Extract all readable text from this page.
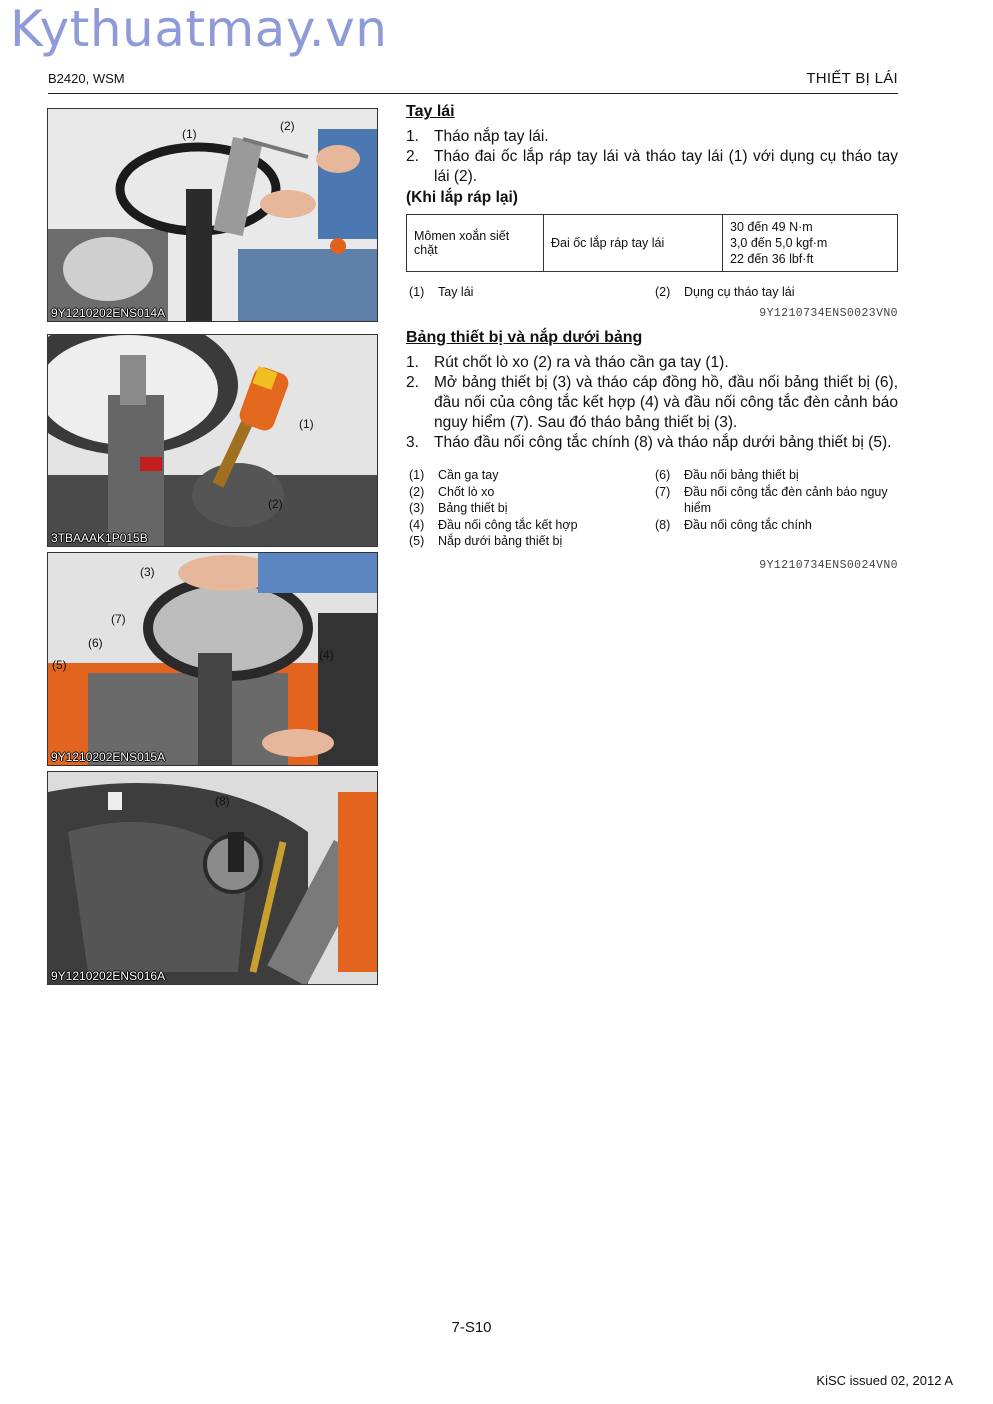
Kythuatmay.vn
B2420, WSM	THIẾT BỊ LÁI
(1)
(2)
9Y1210202ENS014A
(1)
(2)
3TBAAAK1P015B
(3)
(7)
(6)
(5)
(4)
9Y1210202ENS015A
(8)
9Y1210202ENS016A
Tay lái
1. Tháo nắp tay lái.
2. Tháo đai ốc lắp ráp tay lái và tháo tay lái (1) với dụng cụ tháo tay lái (2).
(Khi lắp ráp lại)
Mômen xoắn siết chặt	Đai ốc lắp ráp tay lái	
30 đến 49 N·m
3,0 đến 5,0 kgf·m
22 đến 36 lbf·ft
(1) Tay lái	(2) Dụng cụ tháo tay lái
9Y1210734ENS0023VN0
Bảng thiết bị và nắp dưới bảng
1. Rút chốt lò xo (2) ra và tháo cần ga tay (1).
2. Mở bảng thiết bị (3) và tháo cáp đồng hồ, đầu nối bảng thiết bị (6), đầu nối của công tắc kết hợp (4) và đầu nối công tắc đèn cảnh báo nguy hiểm (7). Sau đó tháo bảng thiết bị (3).
3. Tháo đầu nối công tắc chính (8) và tháo nắp dưới bảng thiết bị (5).
(1) Cần ga tay	(6) Đầu nối bảng thiết bị
(2) Chốt lò xo	(7) Đầu nối công tắc đèn cảnh báo nguy hiểm
(3) Bảng thiết bị
(4) Đầu nối công tắc kết hợp	(8) Đầu nối công tắc chính
(5) Nắp dưới bảng thiết bị
9Y1210734ENS0024VN0
7-S10
KiSC issued 02, 2012 A
